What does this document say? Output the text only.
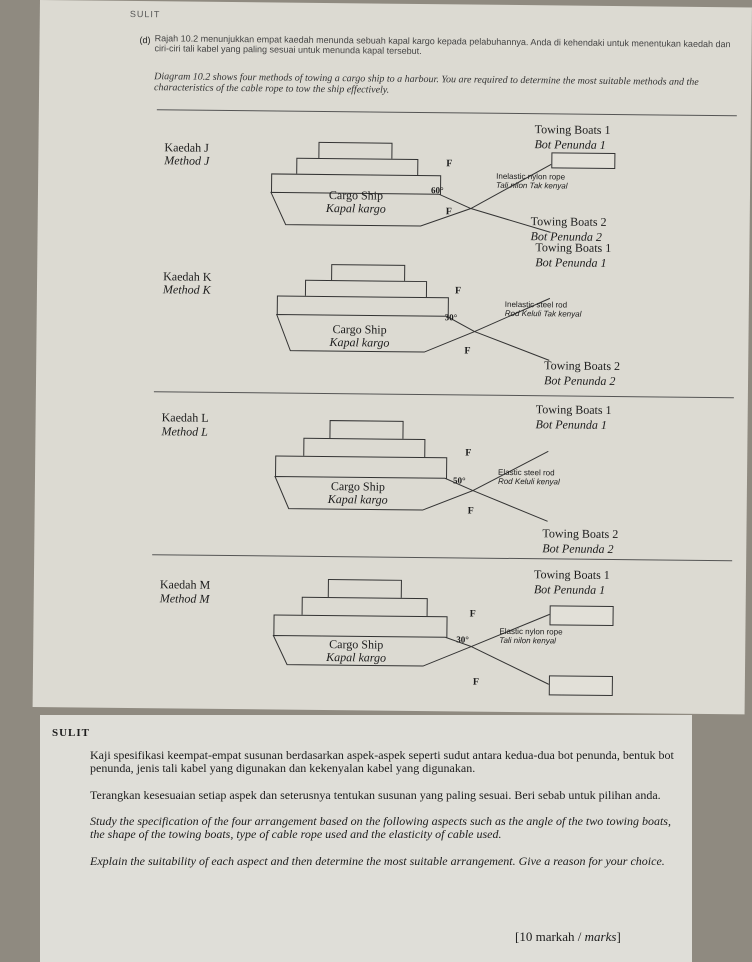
SULIT
(d) Rajah 10.2 menunjukkan empat kaedah menunda sebuah kapal kargo kepada pelabuhannya. Anda di kehendaki untuk menentukan kaedah dan ciri-ciri tali kabel yang paling sesuai untuk menunda kapal tersebut.
Diagram 10.2 shows four methods of towing a cargo ship to a harbour. You are required to determine the most suitable methods and the characteristics of the cable rope to tow the ship effectively.
Kaedah J
Method J
Cargo Ship
Kapal kargo
F
F
60°
Inelastic nylon rope
Tali nilon Tak kenyal
Towing Boats 1
Bot Penunda 1
Towing Boats 2
Bot Penunda 2
Kaedah K
Method K
Cargo Ship
Kapal kargo
F
F
30°
Inelastic steel rod
Rod Keluli Tak kenyal
Towing Boats 1
Bot Penunda 1
Towing Boats 2
Bot Penunda 2
Kaedah L
Method L
Cargo Ship
Kapal kargo
F
F
50°
Elastic steel rod
Rod Keluli kenyal
Towing Boats 1
Bot Penunda 1
Towing Boats 2
Bot Penunda 2
Kaedah M
Method M
Cargo Ship
Kapal kargo
F
F
30°
Elastic nylon rope
Tali nilon kenyal
Towing Boats 1
Bot Penunda 1
SULIT
Kaji spesifikasi keempat-empat susunan berdasarkan aspek-aspek seperti sudut antara kedua-dua bot penunda, bentuk bot penunda, jenis tali kabel yang digunakan dan kekenyalan kabel yang digunakan.
Terangkan kesesuaian setiap aspek dan seterusnya tentukan susunan yang paling sesuai. Beri sebab untuk pilihan anda.
Study the specification of the four arrangement based on the following aspects such as the angle of the two towing boats, the shape of the towing boats, type of cable rope used and the elasticity of cable used.
Explain the suitability of each aspect and then determine the most suitable arrangement. Give a reason for your choice.
[10 markah / marks]
